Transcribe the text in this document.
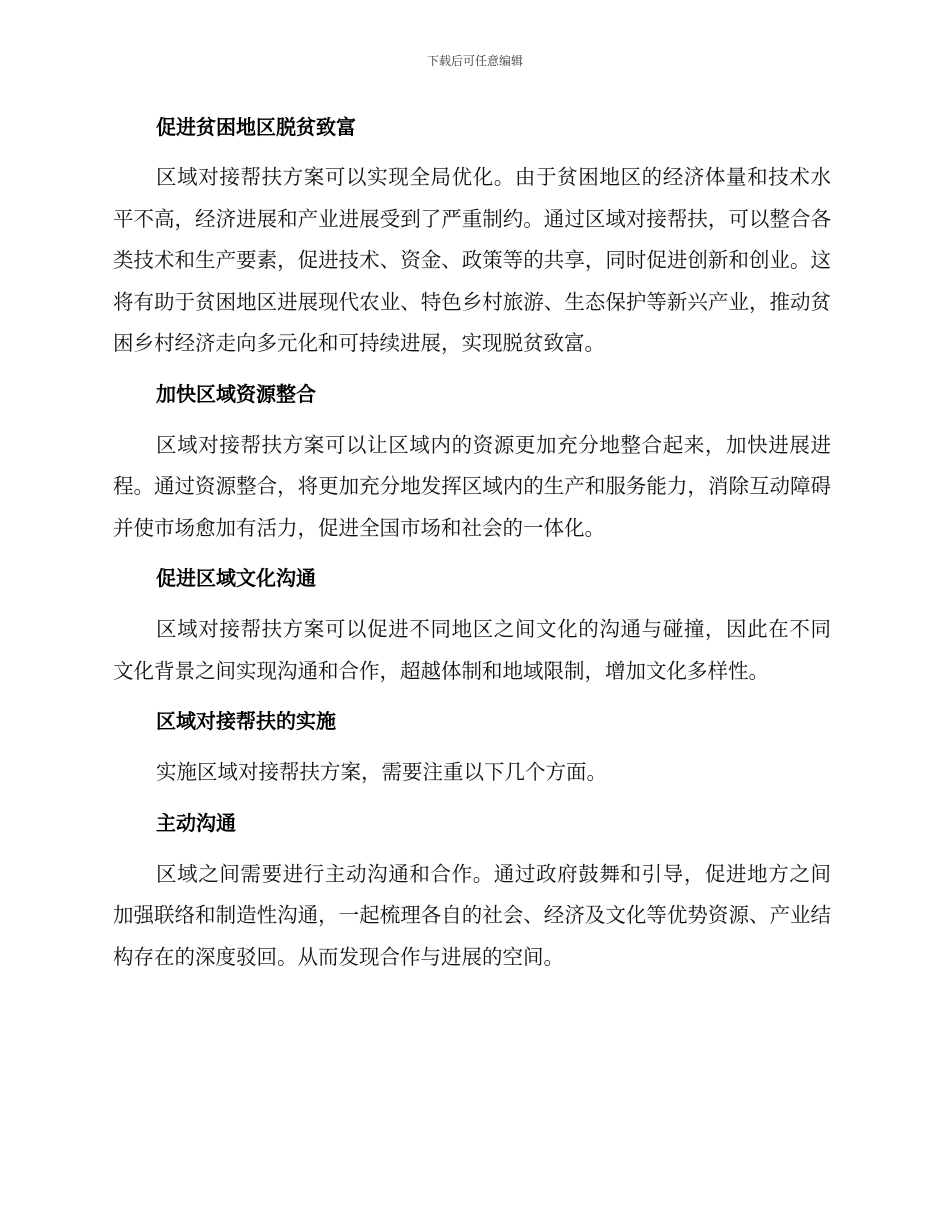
下载后可任意编辑
促进贫困地区脱贫致富

区域对接帮扶方案可以实现全局优化。由于贫困地区的经济体量和技术水平不高，经济进展和产业进展受到了严重制约。通过区域对接帮扶，可以整合各类技术和生产要素，促进技术、资金、政策等的共享，同时促进创新和创业。这将有助于贫困地区进展现代农业、特色乡村旅游、生态保护等新兴产业，推动贫困乡村经济走向多元化和可持续进展，实现脱贫致富。

加快区域资源整合

区域对接帮扶方案可以让区域内的资源更加充分地整合起来，加快进展进程。通过资源整合，将更加充分地发挥区域内的生产和服务能力，消除互动障碍并使市场愈加有活力，促进全国市场和社会的一体化。

促进区域文化沟通

区域对接帮扶方案可以促进不同地区之间文化的沟通与碰撞，因此在不同文化背景之间实现沟通和合作，超越体制和地域限制，增加文化多样性。

区域对接帮扶的实施

实施区域对接帮扶方案，需要注重以下几个方面。

主动沟通

区域之间需要进行主动沟通和合作。通过政府鼓舞和引导，促进地方之间加强联络和制造性沟通，一起梳理各自的社会、经济及文化等优势资源、产业结构存在的深度驳回。从而发现合作与进展的空间。
